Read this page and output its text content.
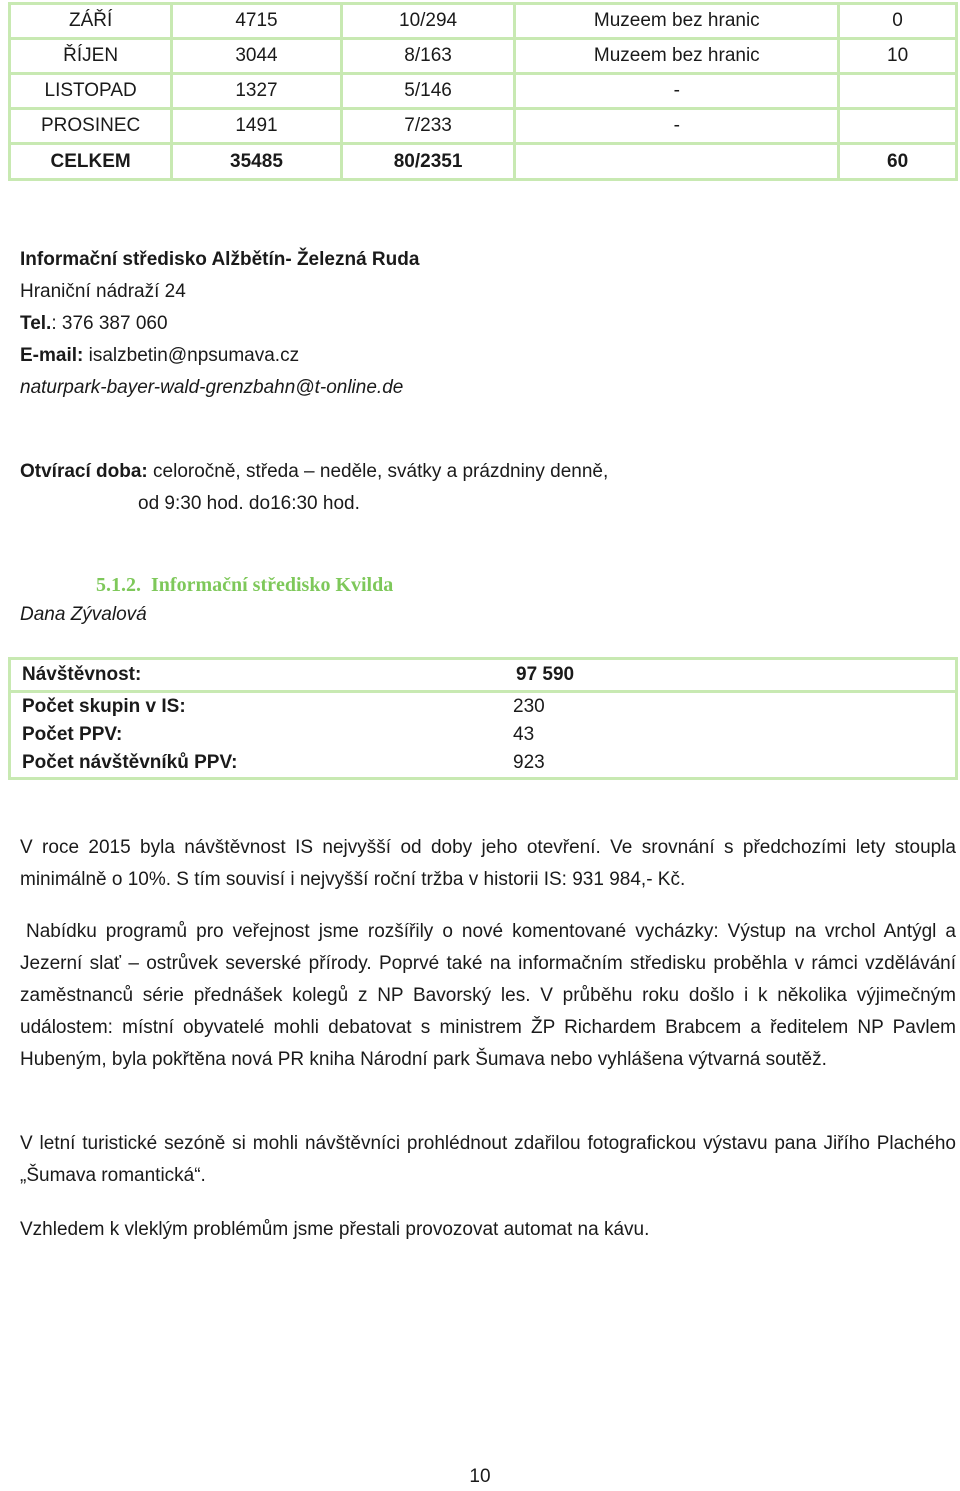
ZÁŘÍ	4715	10/294	Muzeem bez hranic	0
ŘÍJEN	3044	8/163	Muzeem bez hranic	10
LISTOPAD	1327	5/146	-	
PROSINEC	1491	7/233	-	
CELKEM	35485	80/2351		60
Informační středisko Alžbětín- Železná Ruda
Hraniční nádraží 24
Tel.: 376 387 060
E-mail: isalzbetin@npsumava.cz
naturpark-bayer-wald-grenzbahn@t-online.de
Otvírací doba: celoročně, středa – neděle, svátky a prázdniny denně,
od 9:30 hod. do16:30 hod.
5.1.2. Informační středisko Kvilda
Dana Zývalová
Návštěvnost:	97 590
Počet skupin v IS:	230
Počet PPV:	43
Počet návštěvníků PPV:	923
V roce 2015 byla návštěvnost IS nejvyšší od doby jeho otevření. Ve srovnání s předchozími lety stoupla minimálně o 10%. S tím souvisí i nejvyšší roční tržba v historii IS: 931 984,- Kč.
Nabídku programů pro veřejnost jsme rozšířily o nové komentované vycházky: Výstup na vrchol Antýgl a Jezerní slať – ostrůvek severské přírody. Poprvé také na informačním středisku proběhla v rámci vzdělávání zaměstnanců série přednášek kolegů z NP Bavorský les. V průběhu roku došlo i k několika výjimečným událostem: místní obyvatelé mohli debatovat s ministrem ŽP Richardem Brabcem a ředitelem NP Pavlem Hubeným, byla pokřtěna nová PR kniha Národní park Šumava nebo vyhlášena výtvarná soutěž.
V letní turistické sezóně si mohli návštěvníci prohlédnout zdařilou fotografickou výstavu pana Jiřího Plachého „Šumava romantická“.
Vzhledem k vleklým problémům jsme přestali provozovat automat na kávu.
10
